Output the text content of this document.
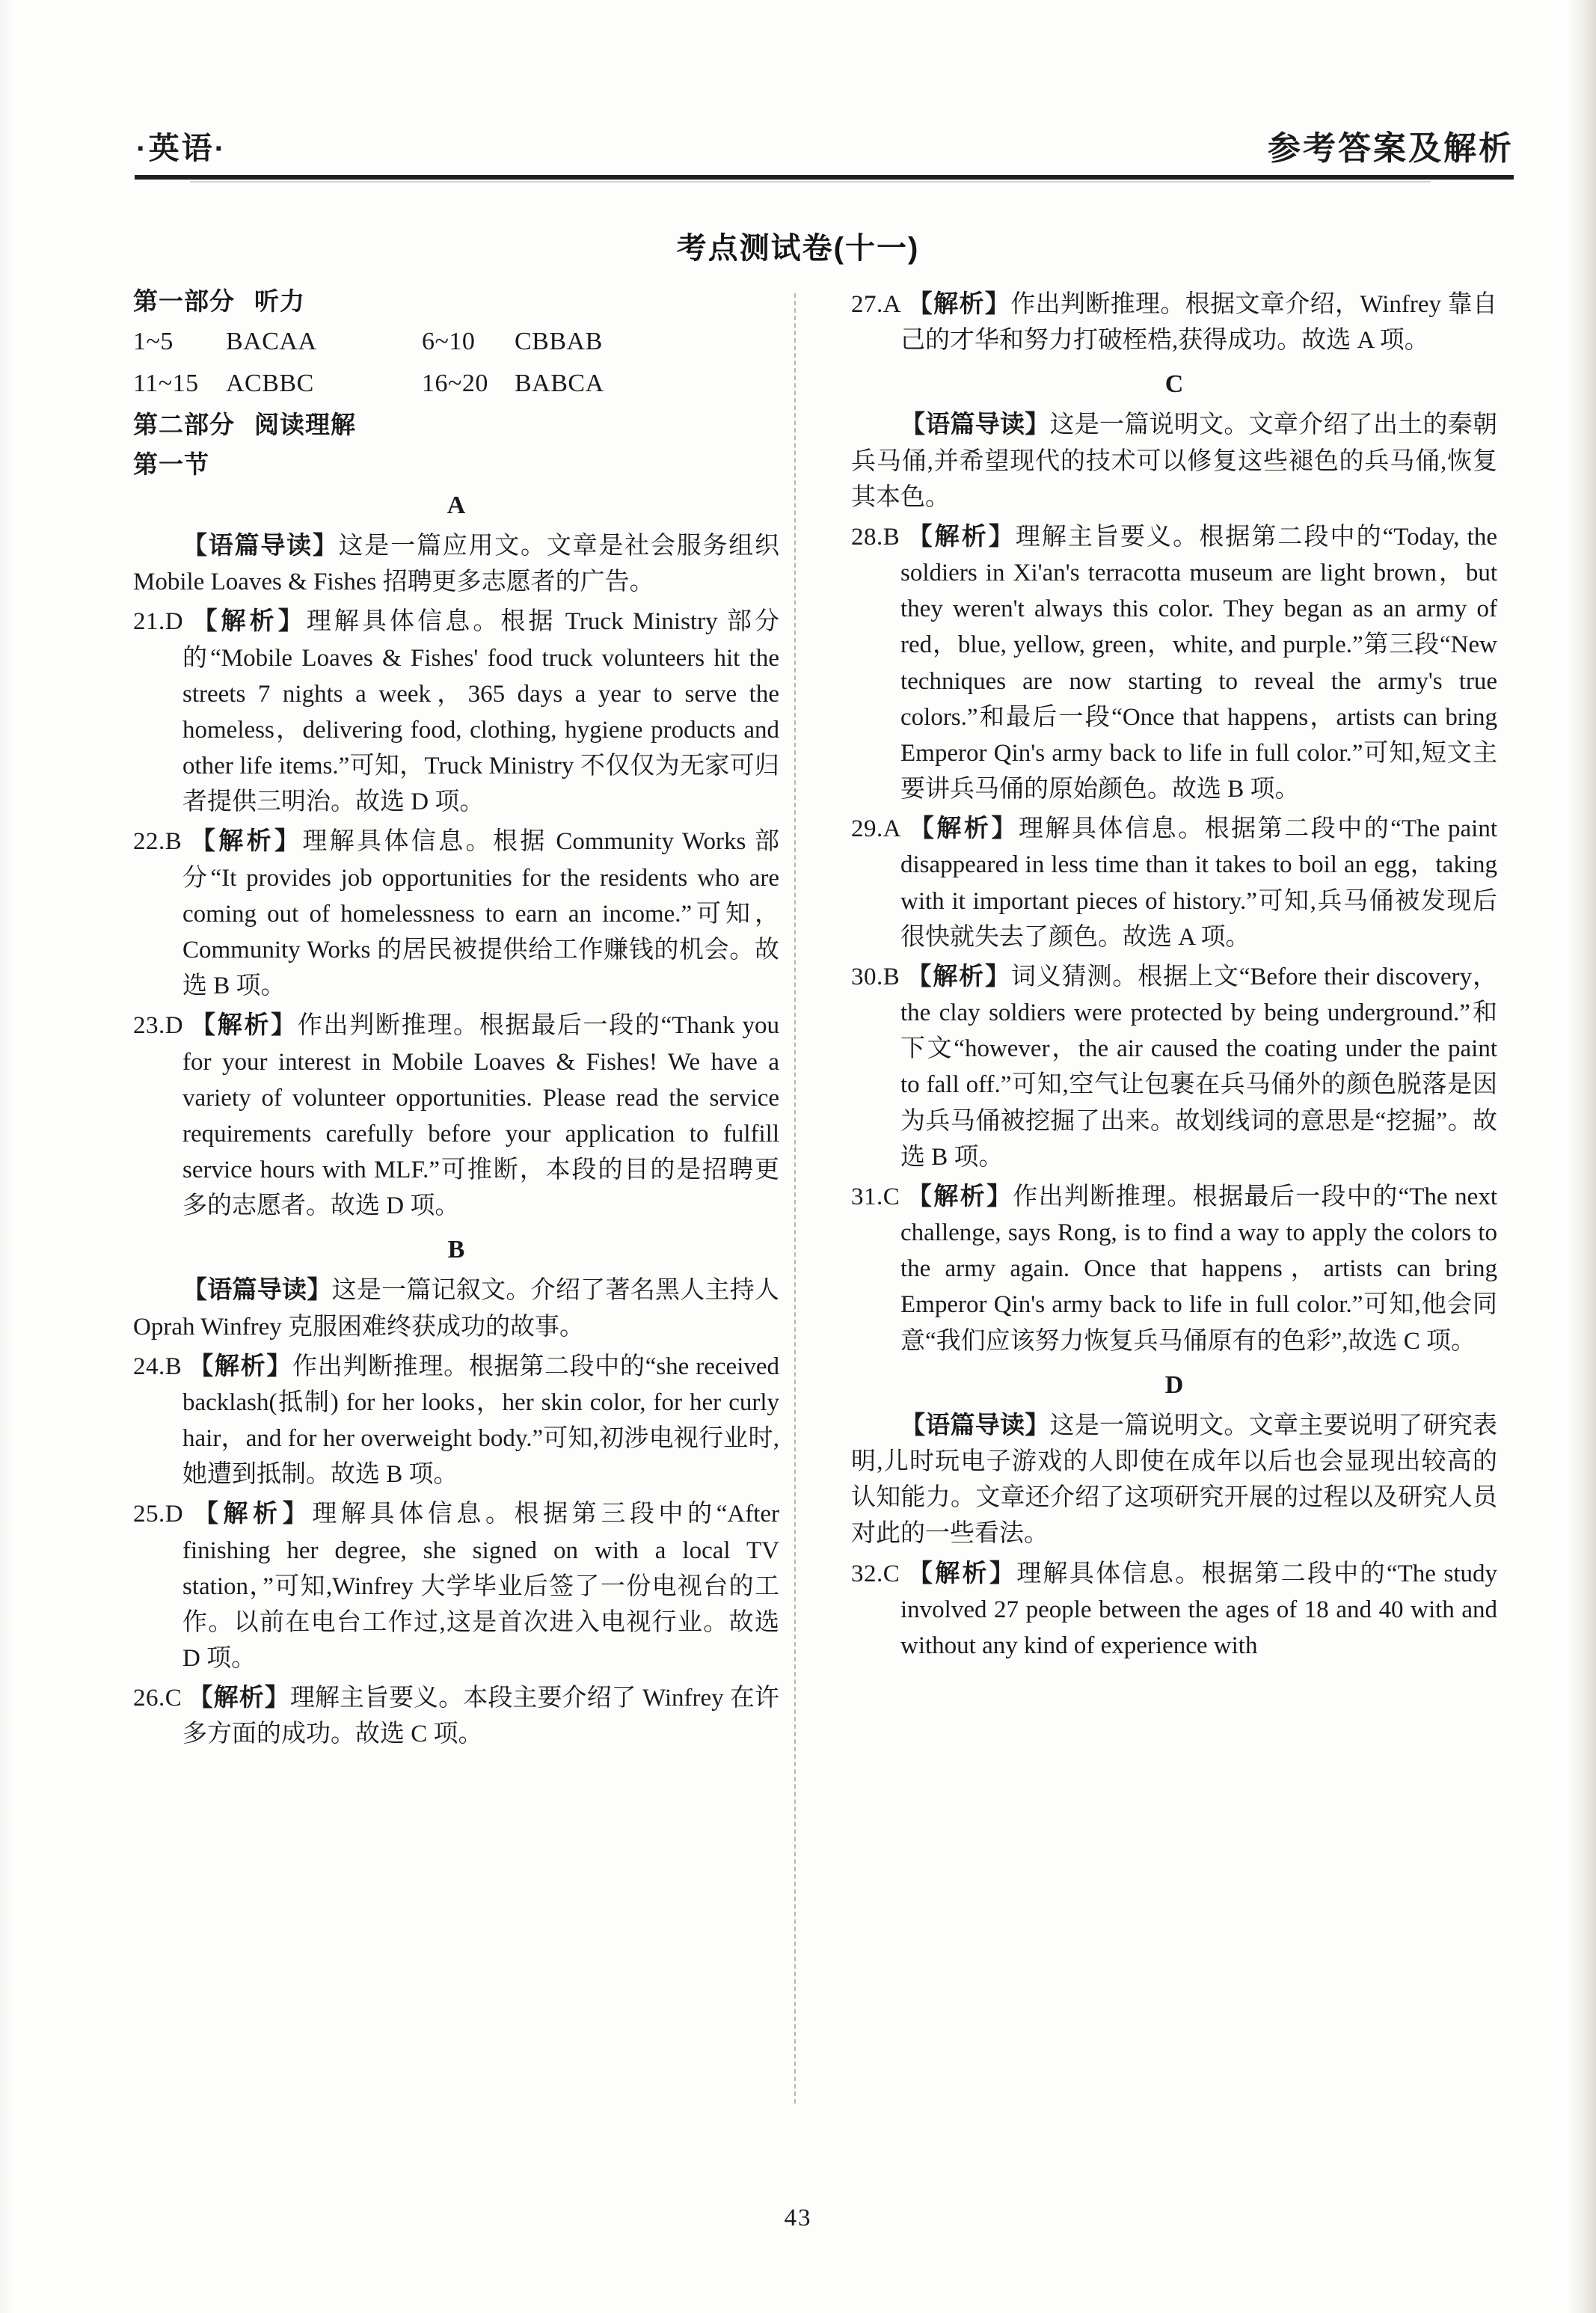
·英语·	参考答案及解析
考点测试卷(十一)
第一部分 听力
1~5 BACAA	6~10 CBBAB
11~15 ACBBC	16~20 BABCA
第二部分 阅读理解
第一节
A

【语篇导读】这是一篇应用文。文章是社会服务组织 Mobile Loaves & Fishes 招聘更多志愿者的广告。

21.D 【解析】理解具体信息。根据 Truck Ministry 部分的“Mobile Loaves & Fishes' food truck volunteers hit the streets 7 nights a week，365 days a year to serve the homeless，delivering food, clothing, hygiene products and other life items.”可知，Truck Ministry 不仅仅为无家可归者提供三明治。故选 D 项。

22.B 【解析】理解具体信息。根据 Community Works 部分“It provides job opportunities for the residents who are coming out of homelessness to earn an income.”可知，Community Works 的居民被提供给工作赚钱的机会。故选 B 项。

23.D 【解析】作出判断推理。根据最后一段的“Thank you for your interest in Mobile Loaves & Fishes! We have a variety of volunteer opportunities. Please read the service requirements carefully before your application to fulfill service hours with MLF.”可推断，本段的目的是招聘更多的志愿者。故选 D 项。

B

【语篇导读】这是一篇记叙文。介绍了著名黑人主持人 Oprah Winfrey 克服困难终获成功的故事。

24.B 【解析】作出判断推理。根据第二段中的“she received backlash(抵制) for her looks，her skin color, for her curly hair，and for her overweight body.”可知,初涉电视行业时,她遭到抵制。故选 B 项。

25.D 【解析】理解具体信息。根据第三段中的“After finishing her degree, she signed on with a local TV station，”可知,Winfrey 大学毕业后签了一份电视台的工作。以前在电台工作过,这是首次进入电视行业。故选 D 项。

26.C 【解析】理解主旨要义。本段主要介绍了 Winfrey 在许多方面的成功。故选 C 项。

27.A 【解析】作出判断推理。根据文章介绍，Winfrey 靠自己的才华和努力打破桎梏,获得成功。故选 A 项。

C

【语篇导读】这是一篇说明文。文章介绍了出土的秦朝兵马俑,并希望现代的技术可以修复这些褪色的兵马俑,恢复其本色。

28.B 【解析】理解主旨要义。根据第二段中的“Today, the soldiers in Xi'an's terracotta museum are light brown，but they weren't always this color. They began as an army of red，blue, yellow, green，white, and purple.”第三段“New techniques are now starting to reveal the army's true colors.”和最后一段“Once that happens，artists can bring Emperor Qin's army back to life in full color.”可知,短文主要讲兵马俑的原始颜色。故选 B 项。

29.A 【解析】理解具体信息。根据第二段中的“The paint disappeared in less time than it takes to boil an egg，taking with it important pieces of history.”可知,兵马俑被发现后很快就失去了颜色。故选 A 项。

30.B 【解析】词义猜测。根据上文“Before their discovery，the clay soldiers were protected by being underground.”和下文“however，the air caused the coating under the paint to fall off.”可知,空气让包裹在兵马俑外的颜色脱落是因为兵马俑被挖掘了出来。故划线词的意思是“挖掘”。故选 B 项。

31.C 【解析】作出判断推理。根据最后一段中的“The next challenge, says Rong, is to find a way to apply the colors to the army again. Once that happens，artists can bring Emperor Qin's army back to life in full color.”可知,他会同意“我们应该努力恢复兵马俑原有的色彩”,故选 C 项。

D

【语篇导读】这是一篇说明文。文章主要说明了研究表明,儿时玩电子游戏的人即使在成年以后也会显现出较高的认知能力。文章还介绍了这项研究开展的过程以及研究人员对此的一些看法。

32.C 【解析】理解具体信息。根据第二段中的“The study involved 27 people between the ages of 18 and 40 with and without any kind of experience with

43
